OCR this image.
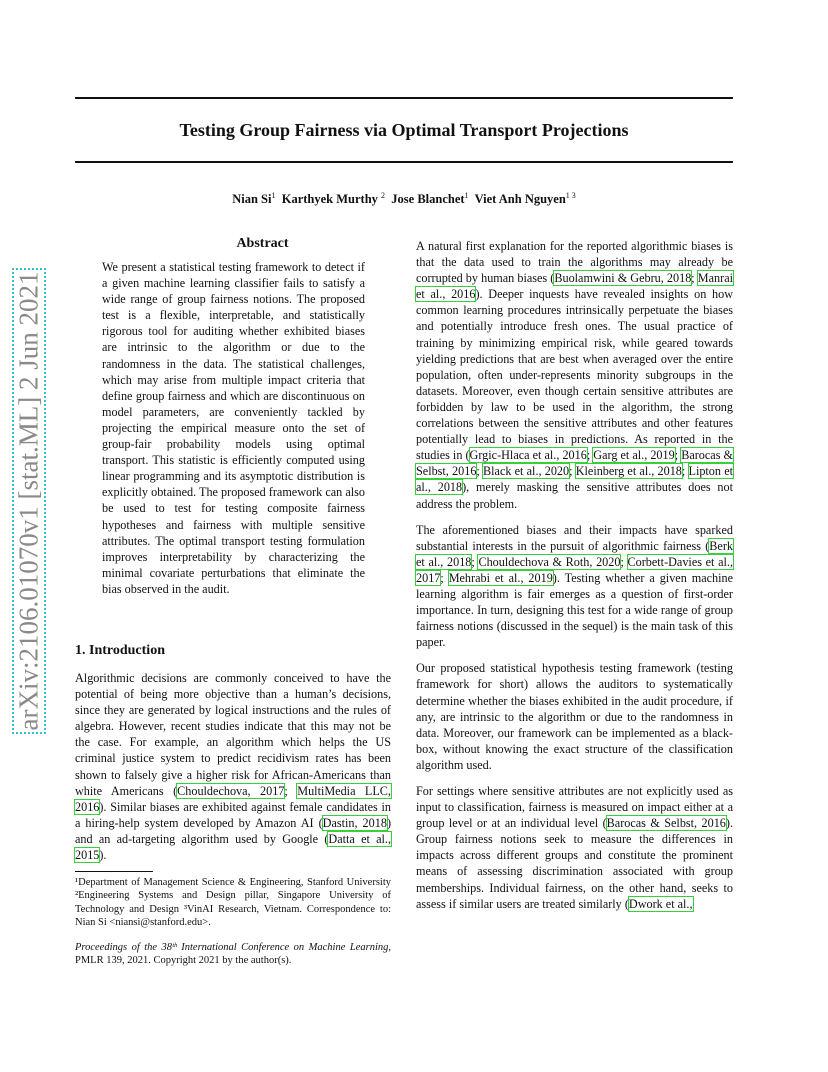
Testing Group Fairness via Optimal Transport Projections
Nian Si$^1$ Karthyek Murthy $^2$ Jose Blanchet$^1$ Viet Anh Nguyen$^{1 3}$
arXiv:2106.01070v1 [stat.ML] 2 Jun 2021
Abstract
We present a statistical testing framework to detect if a given machine learning classifier fails to satisfy a wide range of group fairness notions. The proposed test is a flexible, interpretable, and statistically rigorous tool for auditing whether exhibited biases are intrinsic to the algorithm or due to the randomness in the data. The statistical challenges, which may arise from multiple impact criteria that define group fairness and which are discontinuous on model parameters, are conveniently tackled by projecting the empirical measure onto the set of group-fair probability models using optimal transport. This statistic is efficiently computed using linear programming and its asymptotic distribution is explicitly obtained. The proposed framework can also be used to test for testing composite fairness hypotheses and fairness with multiple sensitive attributes. The optimal transport testing formulation improves interpretability by characterizing the minimal covariate perturbations that eliminate the bias observed in the audit.
1. Introduction
Algorithmic decisions are commonly conceived to have the potential of being more objective than a human’s decisions, since they are generated by logical instructions and the rules of algebra. However, recent studies indicate that this may not be the case. For example, an algorithm which helps the US criminal justice system to predict recidivism rates has been shown to falsely give a higher risk for African-Americans than white Americans (Chouldechova, 2017; MultiMedia LLC, 2016). Similar biases are exhibited against female candidates in a hiring-help system developed by Amazon AI (Dastin, 2018) and an ad-targeting algorithm used by Google (Datta et al., 2015).
¹Department of Management Science & Engineering, Stanford University ²Engineering Systems and Design pillar, Singapore University of Technology and Design ³VinAI Research, Vietnam. Correspondence to: Nian Si <niansi@stanford.edu>.
Proceedings of the 38ᵗʰ International Conference on Machine Learning, PMLR 139, 2021. Copyright 2021 by the author(s).

A natural first explanation for the reported algorithmic biases is that the data used to train the algorithms may already be corrupted by human biases (Buolamwini & Gebru, 2018; Manrai et al., 2016). Deeper inquests have revealed insights on how common learning procedures intrinsically perpetuate the biases and potentially introduce fresh ones. The usual practice of training by minimizing empirical risk, while geared towards yielding predictions that are best when averaged over the entire population, often under-represents minority subgroups in the datasets. Moreover, even though certain sensitive attributes are forbidden by law to be used in the algorithm, the strong correlations between the sensitive attributes and other features potentially lead to biases in predictions. As reported in the studies in (Grgic-Hlaca et al., 2016; Garg et al., 2019; Barocas & Selbst, 2016; Black et al., 2020; Kleinberg et al., 2018; Lipton et al., 2018), merely masking the sensitive attributes does not address the problem.

The aforementioned biases and their impacts have sparked substantial interests in the pursuit of algorithmic fairness (Berk et al., 2018; Chouldechova & Roth, 2020; Corbett-Davies et al., 2017; Mehrabi et al., 2019). Testing whether a given machine learning algorithm is fair emerges as a question of first-order importance. In turn, designing this test for a wide range of group fairness notions (discussed in the sequel) is the main task of this paper.

Our proposed statistical hypothesis testing framework (testing framework for short) allows the auditors to systematically determine whether the biases exhibited in the audit procedure, if any, are intrinsic to the algorithm or due to the randomness in data. Moreover, our framework can be implemented as a black-box, without knowing the exact structure of the classification algorithm used.

For settings where sensitive attributes are not explicitly used as input to classification, fairness is measured on impact either at a group level or at an individual level (Barocas & Selbst, 2016). Group fairness notions seek to measure the differences in impacts across different groups and constitute the prominent means of assessing discrimination associated with group memberships. Individual fairness, on the other hand, seeks to assess if similar users are treated similarly (Dwork et al.,
